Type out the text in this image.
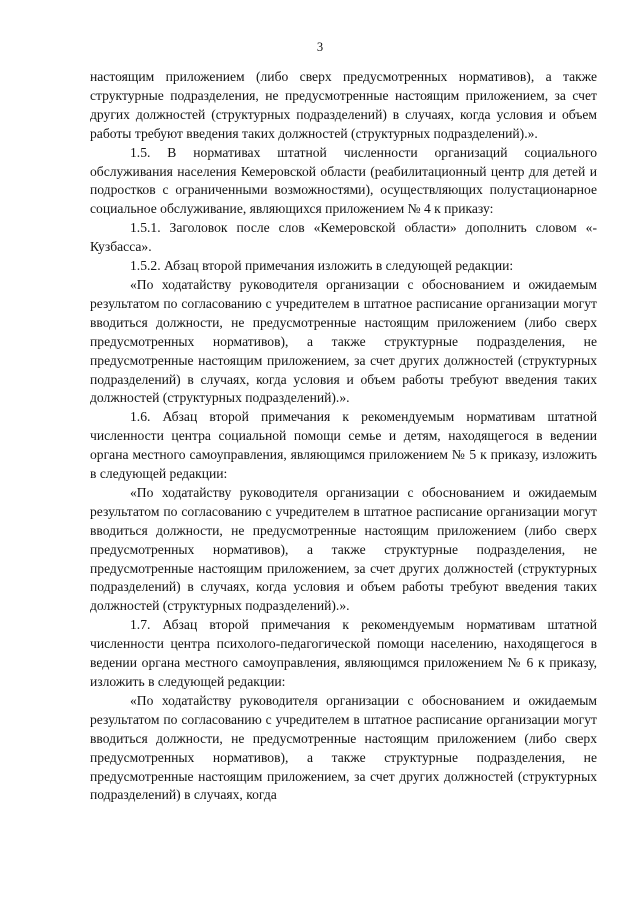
3

настоящим приложением (либо сверх предусмотренных нормативов), а также структурные подразделения, не предусмотренные настоящим приложением, за счет других должностей (структурных подразделений) в случаях, когда условия и объем работы требуют введения таких должностей (структурных подразделений).».

1.5. В нормативах штатной численности организаций социального обслуживания населения Кемеровской области (реабилитационный центр для детей и подростков с ограниченными возможностями), осуществляющих полустационарное социальное обслуживание, являющихся приложением № 4 к приказу:

1.5.1. Заголовок после слов «Кемеровской области» дополнить словом «- Кузбасса».

1.5.2. Абзац второй примечания изложить в следующей редакции:

«По ходатайству руководителя организации с обоснованием и ожидаемым результатом по согласованию с учредителем в штатное расписание организации могут вводиться должности, не предусмотренные настоящим приложением (либо сверх предусмотренных нормативов), а также структурные подразделения, не предусмотренные настоящим приложением, за счет других должностей (структурных подразделений) в случаях, когда условия и объем работы требуют введения таких должностей (структурных подразделений).».

1.6. Абзац второй примечания к рекомендуемым нормативам штатной численности центра социальной помощи семье и детям, находящегося в ведении органа местного самоуправления, являющимся приложением № 5 к приказу, изложить в следующей редакции:

«По ходатайству руководителя организации с обоснованием и ожидаемым результатом по согласованию с учредителем в штатное расписание организации могут вводиться должности, не предусмотренные настоящим приложением (либо сверх предусмотренных нормативов), а также структурные подразделения, не предусмотренные настоящим приложением, за счет других должностей (структурных подразделений) в случаях, когда условия и объем работы требуют введения таких должностей (структурных подразделений).».

1.7. Абзац второй примечания к рекомендуемым нормативам штатной численности центра психолого-педагогической помощи населению, находящегося в ведении органа местного самоуправления, являющимся приложением № 6 к приказу, изложить в следующей редакции:

«По ходатайству руководителя организации с обоснованием и ожидаемым результатом по согласованию с учредителем в штатное расписание организации могут вводиться должности, не предусмотренные настоящим приложением (либо сверх предусмотренных нормативов), а также структурные подразделения, не предусмотренные настоящим приложением, за счет других должностей (структурных подразделений) в случаях, когда
